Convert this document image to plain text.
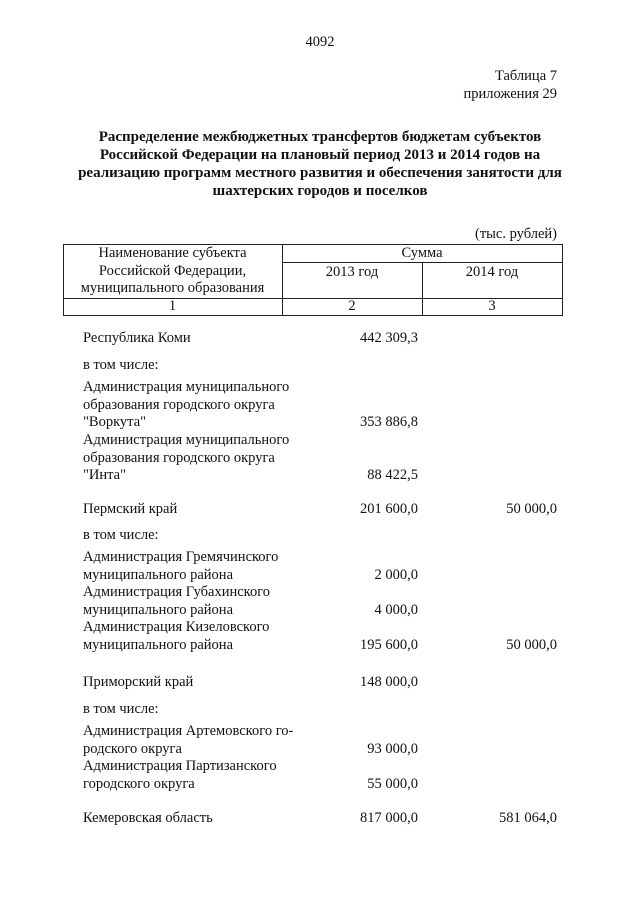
4092
Таблица 7
приложения 29
Распределение межбюджетных трансфертов бюджетам субъектов Российской Федерации на плановый период 2013 и 2014 годов на реализацию программ местного развития и обеспечения занятости для шахтерских городов и поселков
(тыс. рублей)
Наименование субъекта
Российской Федерации,
муниципального образования
Сумма
2013 год	2014 год
1	2	3
Республика Коми	442 309,3
в том числе:
Администрация муниципального
образования городского округа
"Воркута"	353 886,8
Администрация муниципального
образования городского округа
"Инта"	88 422,5
Пермский край	201 600,0	50 000,0
в том числе:
Администрация Гремячинского
муниципального района	2 000,0
Администрация Губахинского
муниципального района	4 000,0
Администрация Кизеловского
муниципального района	195 600,0	50 000,0
Приморский край	148 000,0
в том числе:
Администрация Артемовского го-
родского округа	93 000,0
Администрация Партизанского
городского округа	55 000,0
Кемеровская область	817 000,0	581 064,0
